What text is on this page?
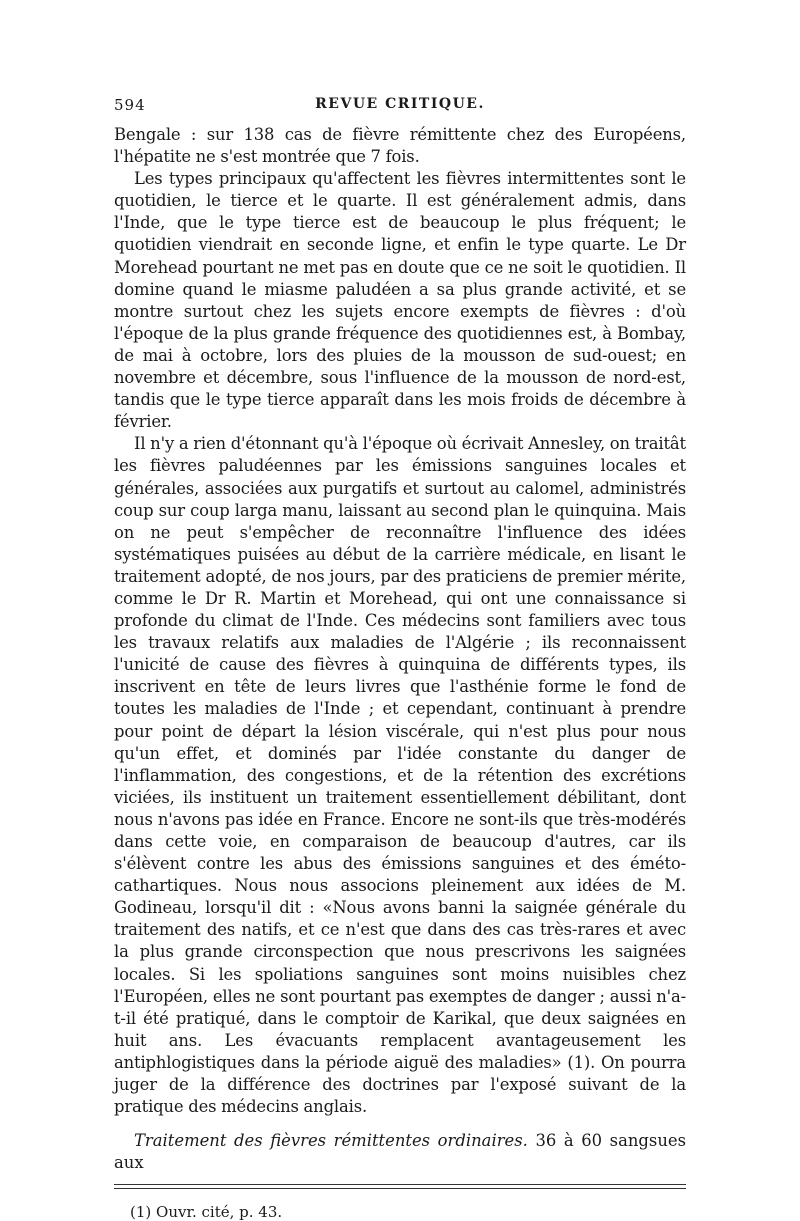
594	REVUE CRITIQUE.

Bengale : sur 138 cas de fièvre rémittente chez des Européens, l'hépatite ne s'est montrée que 7 fois.

Les types principaux qu'affectent les fièvres intermittentes sont le quotidien, le tierce et le quarte. Il est généralement admis, dans l'Inde, que le type tierce est de beaucoup le plus fréquent; le quotidien viendrait en seconde ligne, et enfin le type quarte. Le Dr Morehead pourtant ne met pas en doute que ce ne soit le quotidien. Il domine quand le miasme paludéen a sa plus grande activité, et se montre surtout chez les sujets encore exempts de fièvres : d'où l'époque de la plus grande fréquence des quotidiennes est, à Bombay, de mai à octobre, lors des pluies de la mousson de sud-ouest; en novembre et décembre, sous l'influence de la mousson de nord-est, tandis que le type tierce apparaît dans les mois froids de décembre à février.

Il n'y a rien d'étonnant qu'à l'époque où écrivait Annesley, on traitât les fièvres paludéennes par les émissions sanguines locales et générales, associées aux purgatifs et surtout au calomel, administrés coup sur coup larga manu, laissant au second plan le quinquina. Mais on ne peut s'empêcher de reconnaître l'influence des idées systématiques puisées au début de la carrière médicale, en lisant le traitement adopté, de nos jours, par des praticiens de premier mérite, comme le Dr R. Martin et Morehead, qui ont une connaissance si profonde du climat de l'Inde. Ces médecins sont familiers avec tous les travaux relatifs aux maladies de l'Algérie ; ils reconnaissent l'unicité de cause des fièvres à quinquina de différents types, ils inscrivent en tête de leurs livres que l'asthénie forme le fond de toutes les maladies de l'Inde ; et cependant, continuant à prendre pour point de départ la lésion viscérale, qui n'est plus pour nous qu'un effet, et dominés par l'idée constante du danger de l'inflammation, des congestions, et de la rétention des excrétions viciées, ils instituent un traitement essentiellement débilitant, dont nous n'avons pas idée en France. Encore ne sont-ils que très-modérés dans cette voie, en comparaison de beaucoup d'autres, car ils s'élèvent contre les abus des émissions sanguines et des émétо-cathartiques. Nous nous associons pleinement aux idées de M. Godineau, lorsqu'il dit : «Nous avons banni la saignée générale du traitement des natifs, et ce n'est que dans des cas très-rares et avec la plus grande circonspection que nous prescrivons les saignées locales. Si les spoliations sanguines sont moins nuisibles chez l'Européen, elles ne sont pourtant pas exemptes de danger ; aussi n'a-t-il été pratiqué, dans le comptoir de Karikal, que deux saignées en huit ans. Les évacuants remplacent avantageusement les antiphlogistiques dans la période aiguë des maladies» (1). On pourra juger de la différence des doctrines par l'exposé suivant de la pratique des médecins anglais.

Traitement des fièvres rémittentes ordinaires. 36 à 60 sangsues aux
(1) Ouvr. cité, p. 43.
